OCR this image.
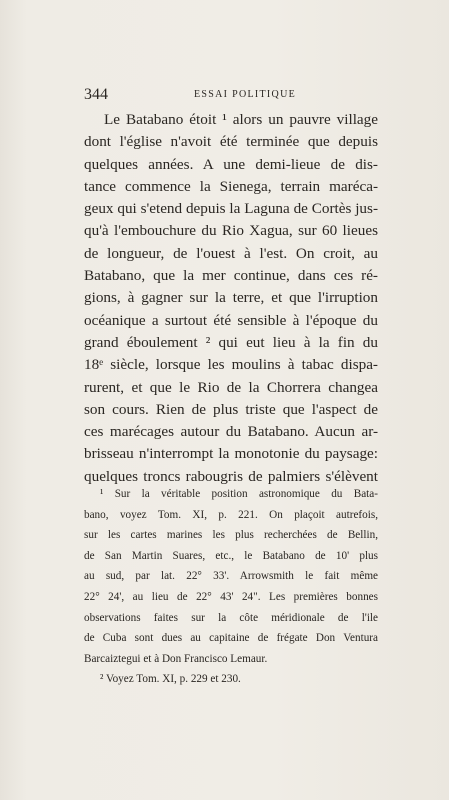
344	ESSAI POLITIQUE
Le Batabano étoit ¹ alors un pauvre village
dont l'église n'avoit été terminée que depuis
quelques années. A une demi-lieue de dis-
tance commence la Sienega, terrain maréca-
geux qui s'etend depuis la Laguna de Cortès jus-
qu'à l'embouchure du Rio Xagua, sur 60 lieues
de longueur, de l'ouest à l'est. On croit, au
Batabano, que la mer continue, dans ces ré-
gions, à gagner sur la terre, et que l'irruption
océanique a surtout été sensible à l'époque du
grand éboulement ² qui eut lieu à la fin du
18ᵉ siècle, lorsque les moulins à tabac dispa-
rurent, et que le Rio de la Chorrera changea
son cours. Rien de plus triste que l'aspect de
ces marécages autour du Batabano. Aucun ar-
brisseau n'interrompt la monotonie du paysage:
quelques troncs rabougris de palmiers s'élèvent
¹ Sur la véritable position astronomique du Bata-
bano, voyez Tom. XI, p. 221. On plaçoit autrefois,
sur les cartes marines les plus recherchées de Bellin,
de San Martin Suares, etc., le Batabano de 10' plus
au sud, par lat. 22° 33'. Arrowsmith le fait même
22° 24', au lieu de 22° 43' 24". Les premières bonnes
observations faites sur la côte méridionale de l'ile
de Cuba sont dues au capitaine de frégate Don Ventura
Barcaiztegui et à Don Francisco Lemaur.
² Voyez Tom. XI, p. 229 et 230.
